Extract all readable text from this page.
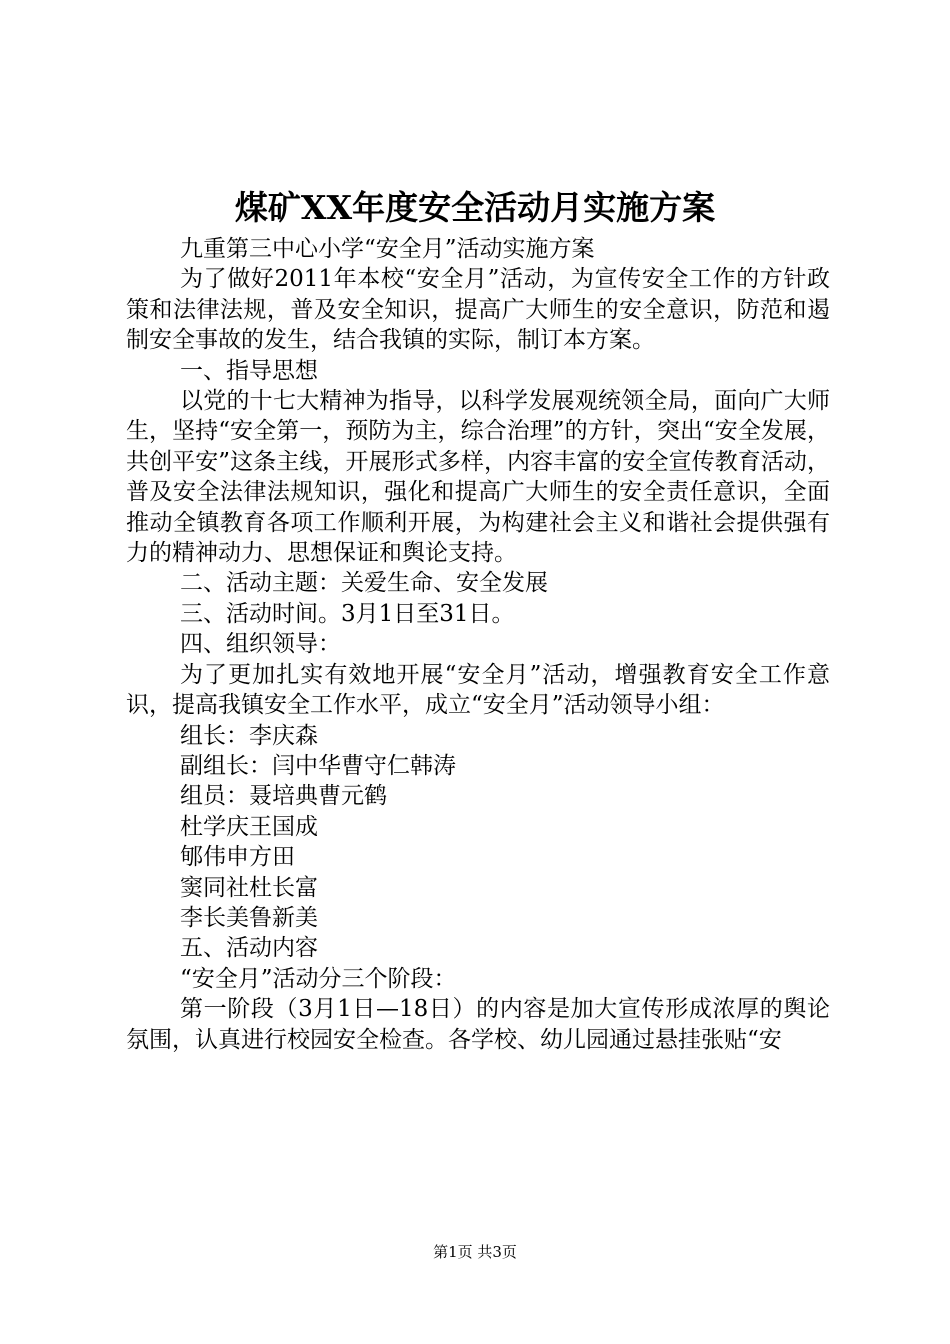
煤矿XX年度安全活动月实施方案

九重第三中心小学“安全月”活动实施方案

为了做好2011年本校“安全月”活动，为宣传安全工作的方针政策和法律法规，普及安全知识，提高广大师生的安全意识，防范和遏制安全事故的发生，结合我镇的实际，制订本方案。

一、指导思想

以党的十七大精神为指导，以科学发展观统领全局，面向广大师生，坚持“安全第一，预防为主，综合治理”的方针，突出“安全发展，共创平安”这条主线，开展形式多样，内容丰富的安全宣传教育活动，普及安全法律法规知识，强化和提高广大师生的安全责任意识，全面推动全镇教育各项工作顺利开展，为构建社会主义和谐社会提供强有力的精神动力、思想保证和舆论支持。

二、活动主题：关爱生命、安全发展

三、活动时间。3月1日至31日。

四、组织领导：

为了更加扎实有效地开展“安全月”活动，增强教育安全工作意识，提高我镇安全工作水平，成立“安全月”活动领导小组：

组长：李庆森

副组长：闫中华曹守仁韩涛

组员：聂培典曹元鹤

杜学庆王国成

郇伟申方田

窦同社杜长富

李长美鲁新美

五、活动内容

“安全月”活动分三个阶段：

第一阶段（3月1日—18日）的内容是加大宣传形成浓厚的舆论氛围，认真进行校园安全检查。各学校、幼儿园通过悬挂张贴“安

第1页 共3页
